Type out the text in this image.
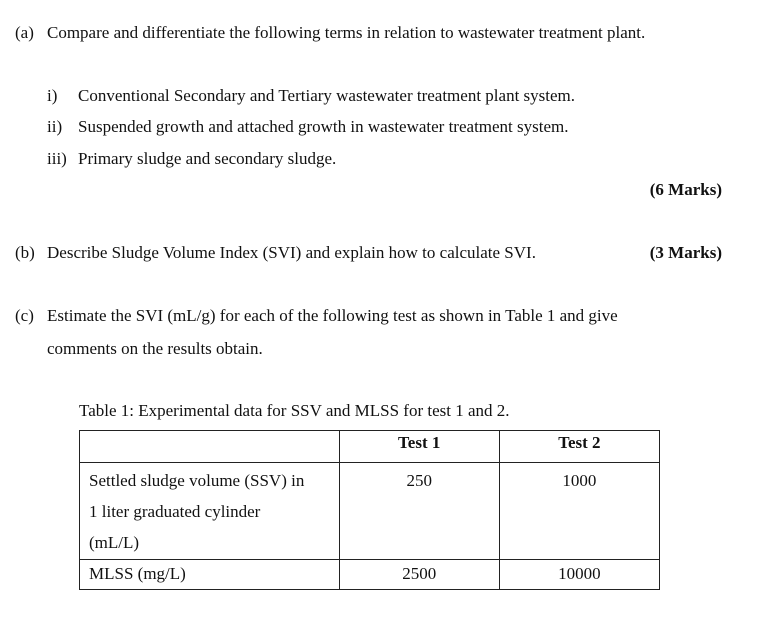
(a) Compare and differentiate the following terms in relation to wastewater treatment plant.
i) Conventional Secondary and Tertiary wastewater treatment plant system.
ii) Suspended growth and attached growth in wastewater treatment system.
iii) Primary sludge and secondary sludge.
(6 Marks)
(b) Describe Sludge Volume Index (SVI) and explain how to calculate SVI.	(3 Marks)
(c) Estimate the SVI (mL/g) for each of the following test as shown in Table 1 and give
comments on the results obtain.
Table 1: Experimental data for SSV and MLSS for test 1 and 2.
	Test 1	Test 2

Settled sludge volume (SSV) in
1 liter graduated cylinder
(mL/L)	250	1000
MLSS (mg/L)	2500	10000
